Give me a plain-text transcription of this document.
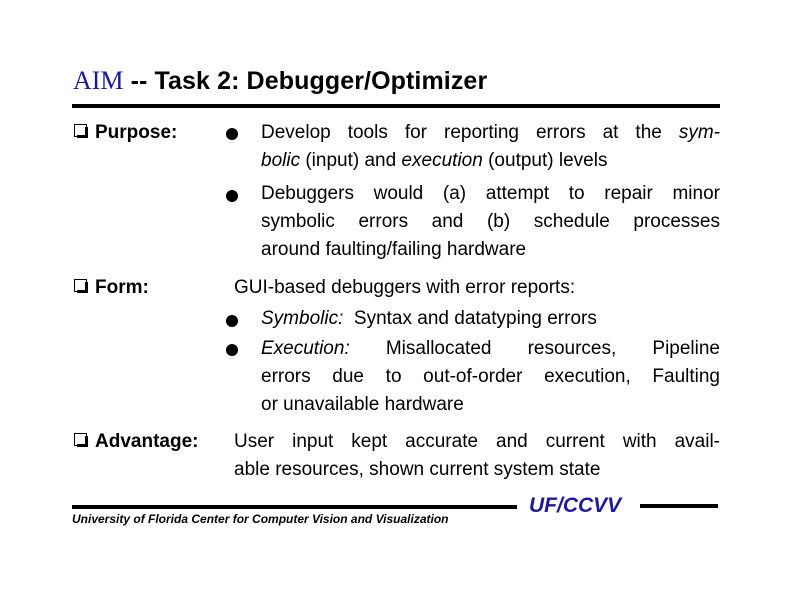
AIM -- Task 2: Debugger/Optimizer
Purpose:	Develop tools for reporting errors at the sym-
bolic (input) and execution (output) levels
Debuggers would (a) attempt to repair minor
symbolic errors and (b) schedule processes
around faulting/failing hardware
Form:	GUI-based debuggers with error reports:
Symbolic:  Syntax and datatyping errors
Execution: Misallocated resources, Pipeline
errors due to out-of-order execution, Faulting
or unavailable hardware
Advantage: User input kept accurate and current with avail-
able resources, shown current system state
University of Florida Center for Computer Vision and Visualization
UF/CCVV
